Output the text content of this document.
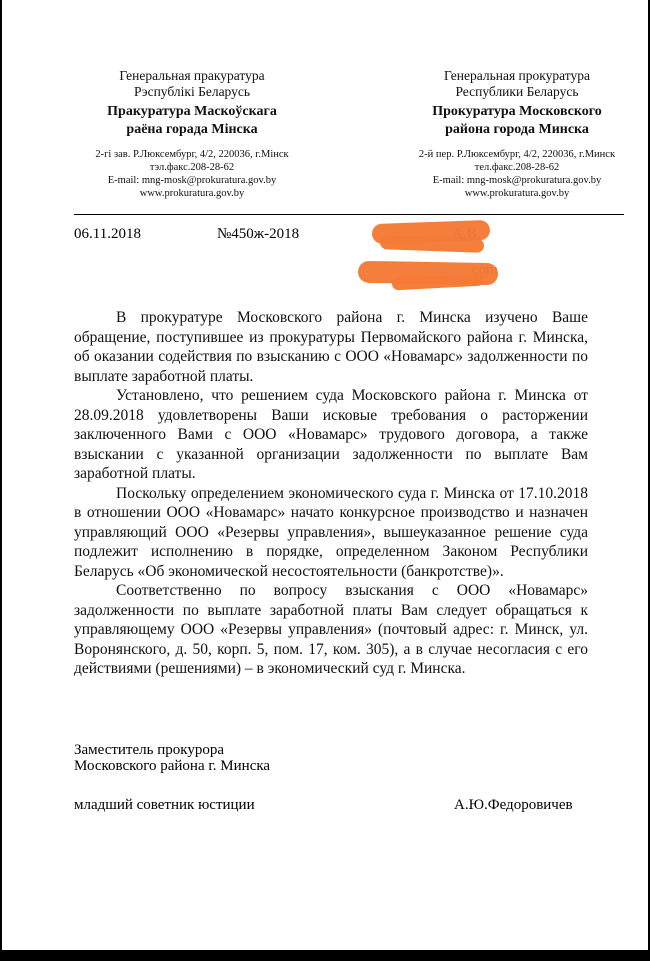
Генеральная пракуратура
Рэспублікі Беларусь
Пракуратура Маскоўскага
раёна горада Мінска
2-гі зав. Р.Люксембург, 4/2, 220036, г.Мінск
тэл.факс.208-28-62
E-mail: mng-mosk@prokuratura.gov.by
www.prokuratura.gov.by
Генеральная прокуратура
Республики Беларусь
Прокуратура Московского
района города Минска
2-й пер. Р.Люксембург, 4/2, 220036, г.Минск
тел.факс.208-28-62
E-mail: mng-mosk@prokuratura.gov.by
www.prokuratura.gov.by
06.11.2018	№450ж-2018

В прокуратуре Московского района г. Минска изучено Ваше обращение, поступившее из прокуратуры Первомайского района г. Минска, об оказании содействия по взысканию с ООО «Новамарс» задолженности по выплате заработной платы.

Установлено, что решением суда Московского района г. Минска от 28.09.2018 удовлетворены Ваши исковые требования о расторжении заключенного Вами с ООО «Новамарс» трудового договора, а также взыскании с указанной организации задолженности по выплате Вам заработной платы.

Поскольку определением экономического суда г. Минска от 17.10.2018 в отношении ООО «Новамарс» начато конкурсное производство и назначен управляющий ООО «Резервы управления», вышеуказанное решение суда подлежит исполнению в порядке, определенном Законом Республики Беларусь «Об экономической несостоятельности (банкротстве)».

Соответственно по вопросу взыскания с ООО «Новамарс» задолженности по выплате заработной платы Вам следует обращаться к управляющему ООО «Резервы управления» (почтовый адрес: г. Минск, ул. Воронянского, д. 50, корп. 5, пом. 17, ком. 305), а в случае несогласия с его действиями (решениями) – в экономический суд г. Минска.

Заместитель прокурора
Московского района г. Минска
младший советник юстиции	А.Ю.Федоровичев
